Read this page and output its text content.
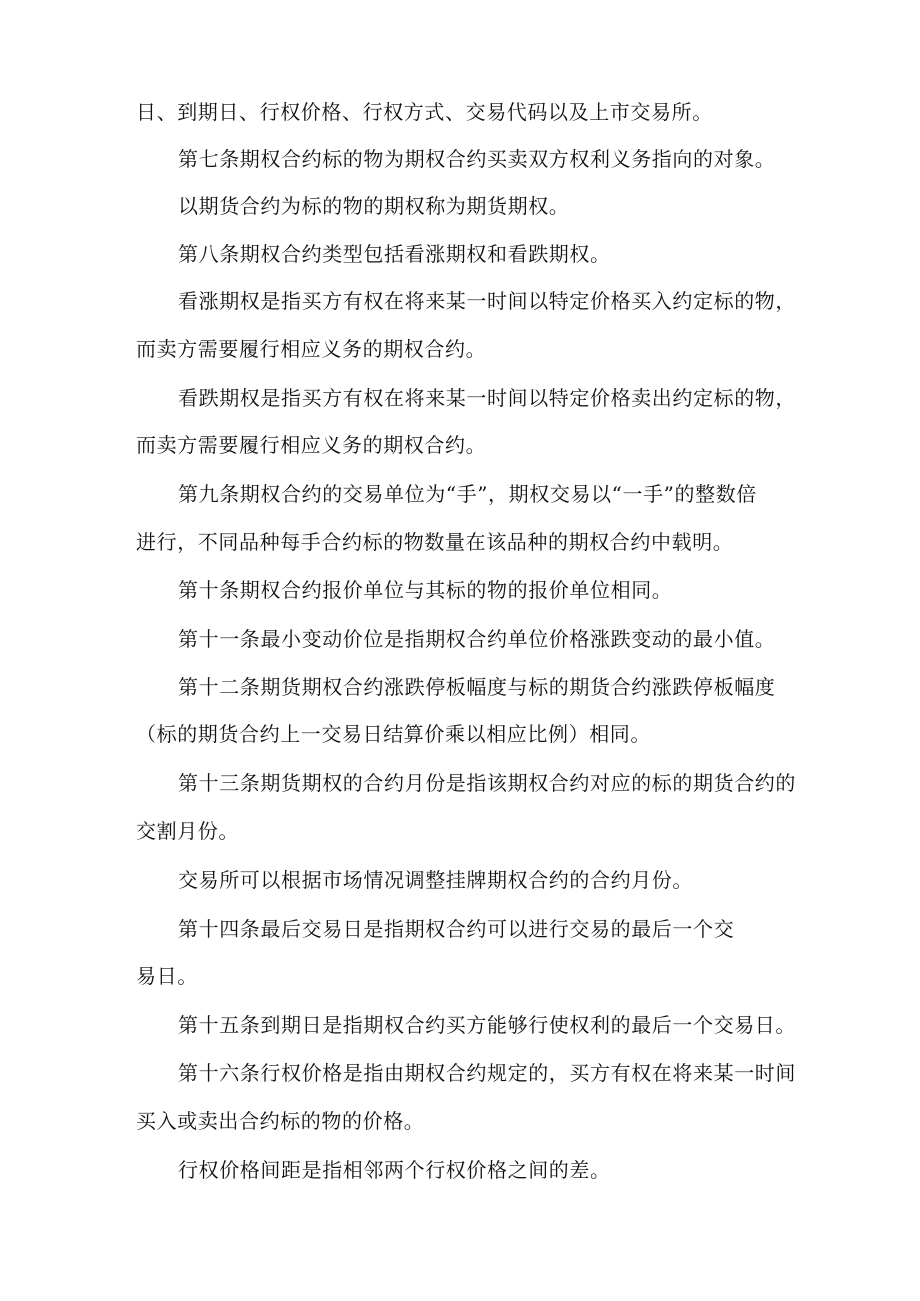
日、到期日、行权价格、行权方式、交易代码以及上市交易所。
第七条期权合约标的物为期权合约买卖双方权利义务指向的对象。
以期货合约为标的物的期权称为期货期权。
第八条期权合约类型包括看涨期权和看跌期权。
看涨期权是指买方有权在将来某一时间以特定价格买入约定标的物，
而卖方需要履行相应义务的期权合约。
看跌期权是指买方有权在将来某一时间以特定价格卖出约定标的物，
而卖方需要履行相应义务的期权合约。
第九条期权合约的交易单位为“手”，期权交易以“一手”的整数倍
进行，不同品种每手合约标的物数量在该品种的期权合约中载明。
第十条期权合约报价单位与其标的物的报价单位相同。
第十一条最小变动价位是指期权合约单位价格涨跌变动的最小值。
第十二条期货期权合约涨跌停板幅度与标的期货合约涨跌停板幅度
（标的期货合约上一交易日结算价乘以相应比例）相同。
第十三条期货期权的合约月份是指该期权合约对应的标的期货合约的
交割月份。
交易所可以根据市场情况调整挂牌期权合约的合约月份。
第十四条最后交易日是指期权合约可以进行交易的最后一个交
易日。
第十五条到期日是指期权合约买方能够行使权利的最后一个交易日。
第十六条行权价格是指由期权合约规定的，买方有权在将来某一时间
买入或卖出合约标的物的价格。
行权价格间距是指相邻两个行权价格之间的差。
